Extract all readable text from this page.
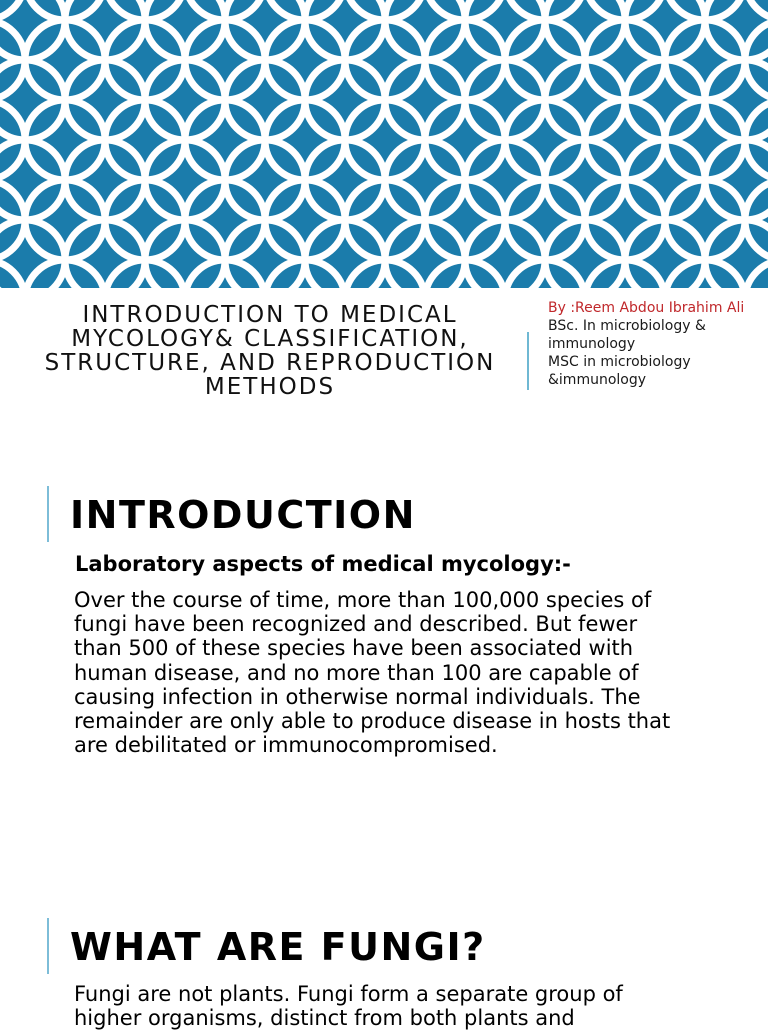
INTRODUCTION TO MEDICAL MYCOLOGY& CLASSIFICATION, STRUCTURE, AND REPRODUCTION METHODS
By :Reem Abdou Ibrahim Ali
BSc. In microbiology & immunology
MSC in microbiology &immunology
INTRODUCTION
Laboratory aspects of medical mycology:-
Over the course of time, more than 100,000 species of fungi have been recognized and described. But fewer than 500 of these species have been associated with human disease, and no more than 100 are capable of causing infection in otherwise normal individuals. The remainder are only able to produce disease in hosts that are debilitated or immunocompromised.
WHAT ARE FUNGI?
Fungi are not plants. Fungi form a separate group of higher organisms, distinct from both plants and
